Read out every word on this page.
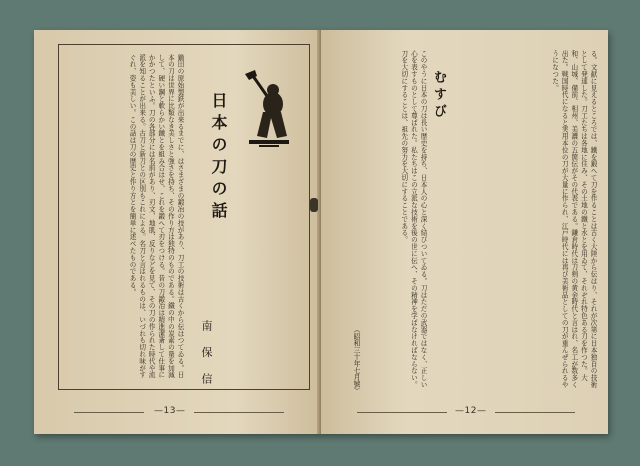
鋤田の原始製鉄が出来るまでに、はさまざまの鍛冶の技があり、刀工の技術は古くから伝はつてゐる。日本の刀は世界に比類なき美しさと強さを持ち、その作り方は独特のものである。鐵の中の炭素の量を加減して、硬い鋼と軟らかい鐵とを組み合はせ、これを鍛へて刃をつける。昔の刀鍛冶は精進潔斎して仕事にかかつたといふ。刀の各部分には名前があり、刃文、地肌、反りなどを見て、その刀の作られた時代や流派を知ることが出来る。古刀と新刀との区別もこれによる。名刀と言はれるものは、いづれも切れ味がすぐれ、姿も美しい。この話は刀の歴史と作り方とを簡単に述べたものである。	日本の刀の話
南 保 信
—13—
る。文献に見えるところでは、鐵を鍛へて刀を作ることは古く大陸から伝はり、それが次第に日本独自の技術として発達した。刀工たちは各地に住み、その土地の鐵と水とを用ゐて、それぞれ特色ある刀を作つた。大和、山城、備前、相州、美濃の五箇伝がその代表である。鎌倉時代は刀剣の黄金時代と言はれ、名工が数多く出た。戦国時代になると実用本位の刀が大量に作られ、江戸時代には再び美術品としての刀が重んぜられるやうになつた。
むすび
このやうに日本の刀は長い歴史を持ち、日本人の心と深く結びついてゐる。刀はただの武器ではなく、正しい心を表すものとして尊ばれた。私たちはこの立派な技術を後の世に伝へ、その精神を学ばなければならない。刀を大切にすることは、祖先の努力を大切にすることである。
（昭和三十年七月號）
—12—
